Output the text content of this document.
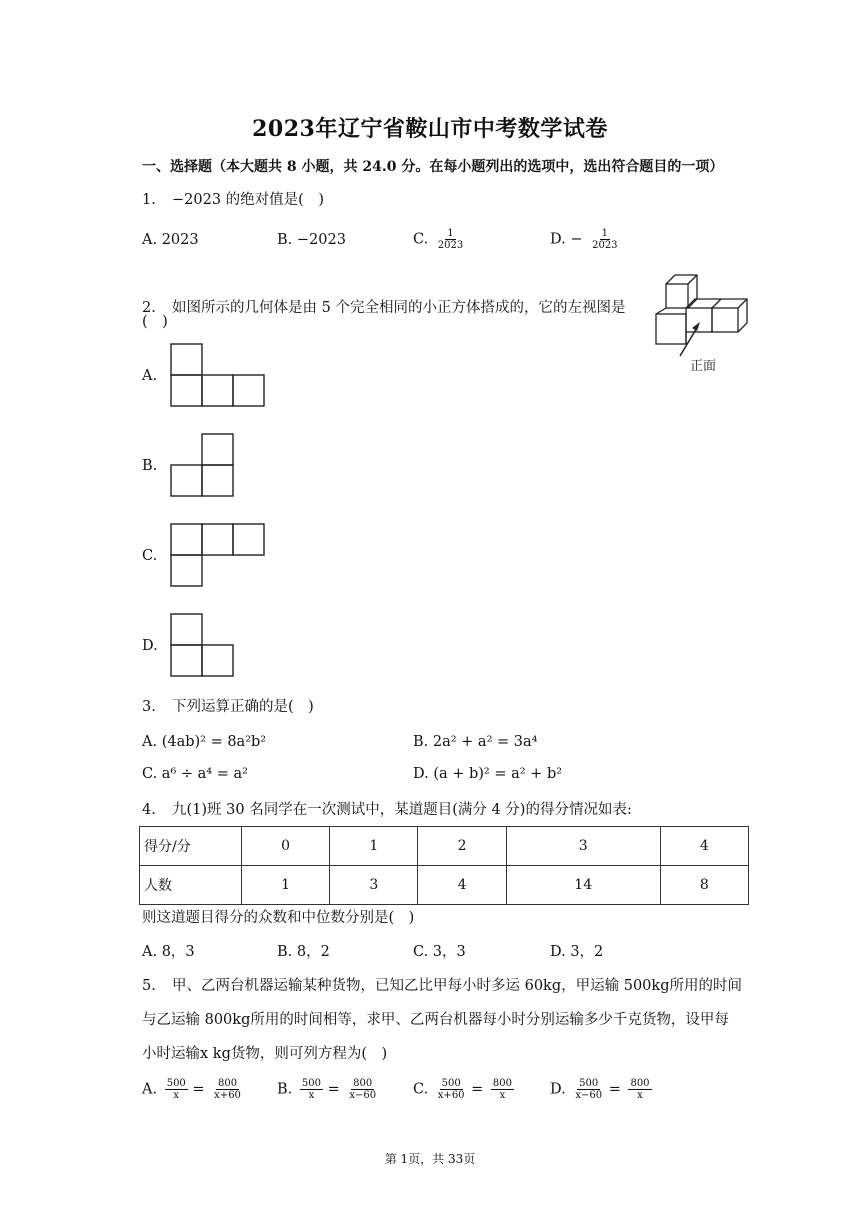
2023年辽宁省鞍山市中考数学试卷
一、选择题（本大题共 8 小题，共 24.0 分。在每小题列出的选项中，选出符合题目的一项）
1. −2023 的绝对值是(　)
A. 2023	B. −2023	C. $\frac{1}{2023}$	D. − $\frac{1}{2023}$
2. 如图所示的几何体是由 5 个完全相同的小正方体搭成的，它的左视图是
(　)
正面
A.
B.
C.
D.
3. 下列运算正确的是(　)
A. (4ab)² = 8a²b²	B. 2a² + a² = 3a⁴
C. a⁶ ÷ a⁴ = a²	D. (a + b)² = a² + b²
4. 九(1)班 30 名同学在一次测试中，某道题目(满分 4 分)的得分情况如表:
得分/分	0	1	2	3	4
人数	1	3	4	14	8
则这道题目得分的众数和中位数分别是(　)
A. 8，3	B. 8，2	C. 3，3	D. 3，2
5. 甲、乙两台机器运输某种货物，已知乙比甲每小时多运 60kg，甲运输 500kg所用的时间
与乙运输 800kg所用的时间相等，求甲、乙两台机器每小时分别运输多少千克货物，设甲每
小时运输x kg货物，则可列方程为(　)
A. $\frac{500}{x} = \frac{800}{x+60} B$. $\frac{500}{x} = \frac{800}{x-60} C$. $\frac{500}{x+60} = \frac{800}{x} D$. $\frac{500}{x-60} = \frac{800}{x}$
第 1页，共 33页
